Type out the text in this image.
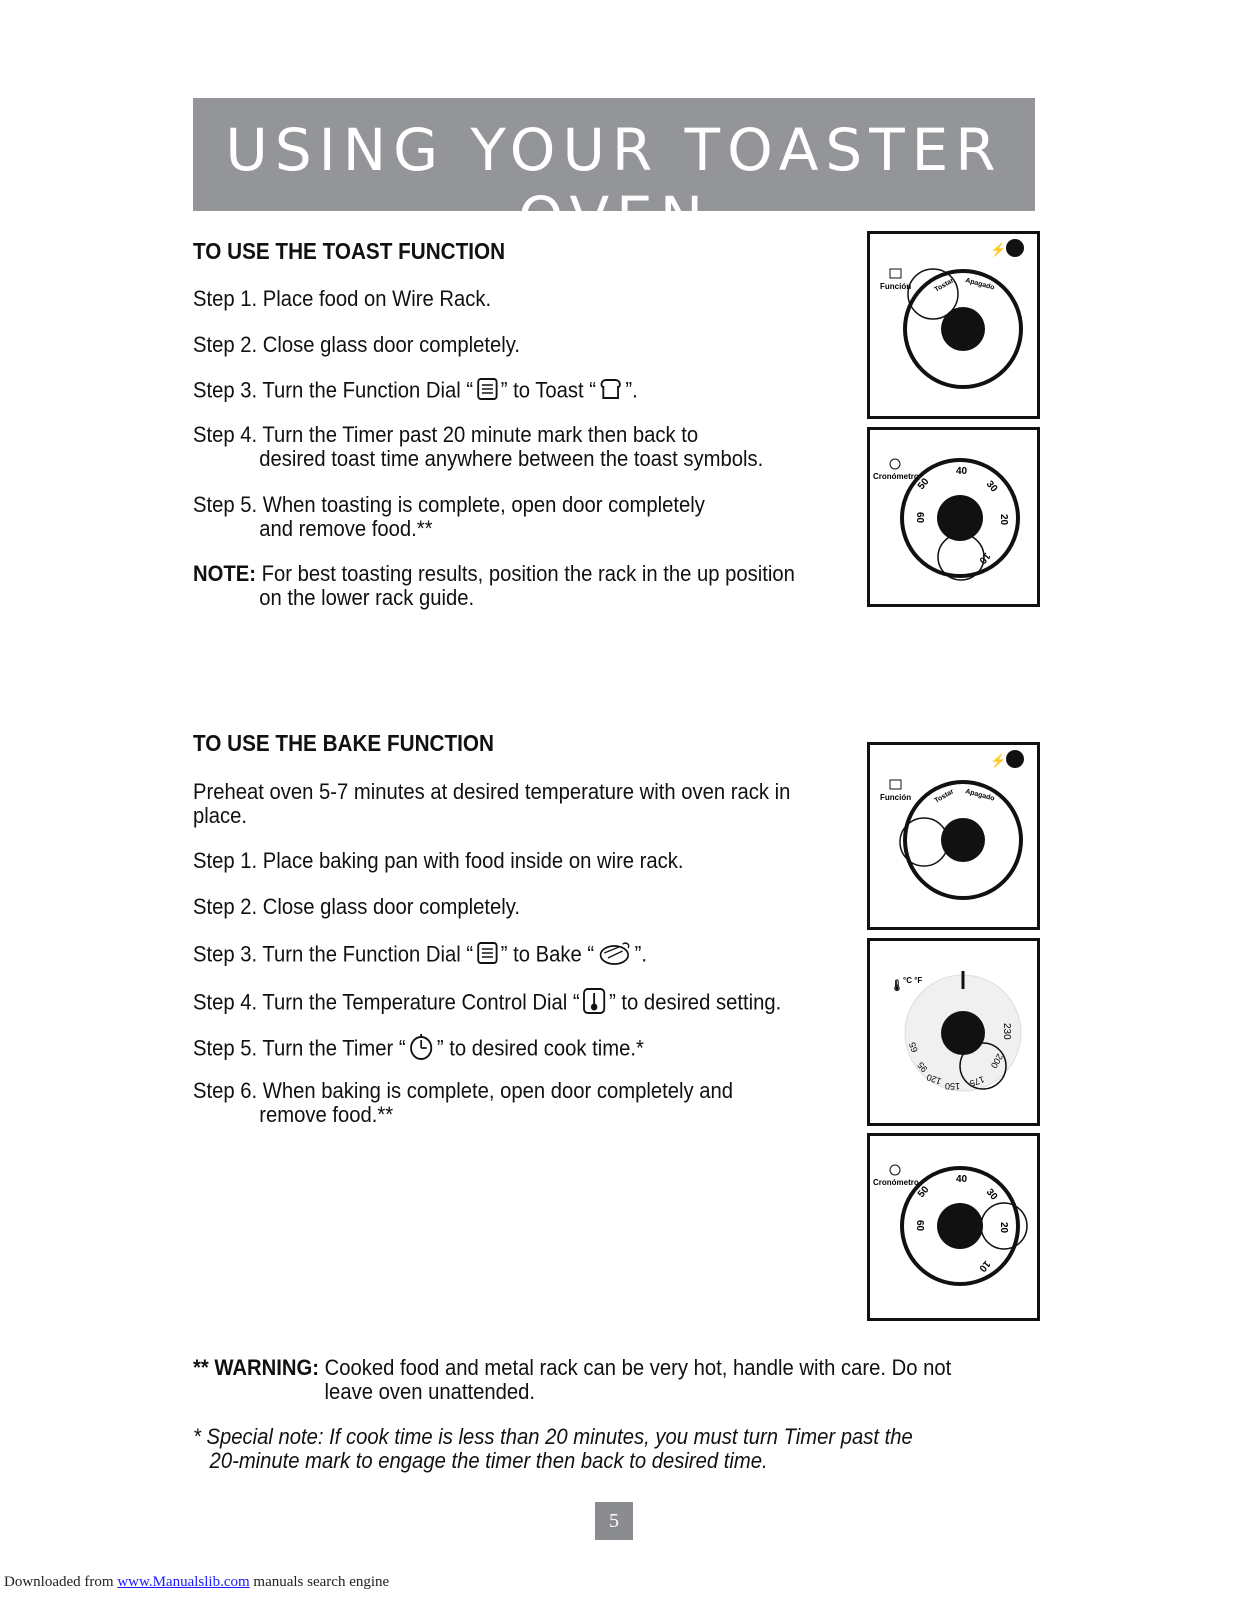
USING YOUR TOASTER OVEN
TO USE THE TOAST FUNCTION
Step 1. Place food on Wire Rack.
Step 2. Close glass door completely.
Step 3. Turn the Function Dial “ ” to Toast “ ”.
Step 4. Turn the Timer past 20 minute mark then back to
desired toast time anywhere between the toast symbols.
Step 5. When toasting is complete, open door completely
and remove food.**
NOTE: For best toasting results, position the rack in the up position
on the lower rack guide.
⚡
Función	Tostar Apagado
Cronómetro	40
30
20
10
50
60
TO USE THE BAKE FUNCTION
Preheat oven 5-7 minutes at desired temperature with oven rack in
place.
Step 1. Place baking pan with food inside on wire rack.
Step 2. Close glass door completely.
Step 3. Turn the Function Dial “ ” to Bake “ ”.
Step 4. Turn the Temperature Control Dial “ ” to desired setting.
Step 5. Turn the Timer “ ” to desired cook time.*
Step 6. When baking is complete, open door completely and
remove food.**
⚡
Función	Tostar Apagado
🌡 °C °F
230
200
175
150
120
95
65
Cronómetro	40
30
20
10
50
60
** WARNING: Cooked food and metal rack can be very hot, handle with care. Do not
leave oven unattended.
* Special note: If cook time is less than 20 minutes, you must turn Timer past the
20-minute mark to engage the timer then back to desired time.
5
Downloaded from www.Manualslib.com manuals search engine
